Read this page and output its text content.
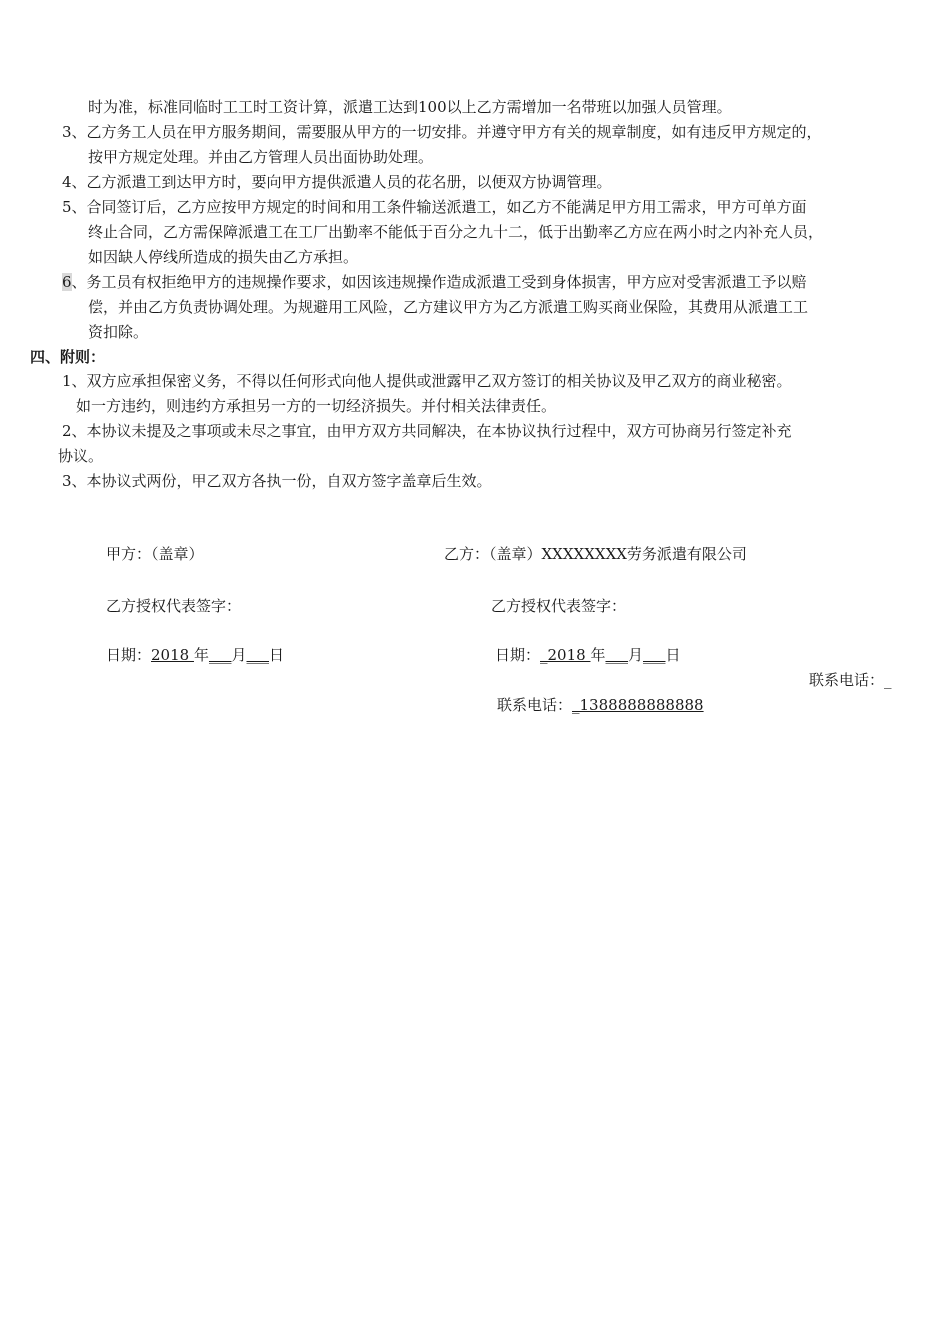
时为准，标准同临时工工时工资计算，派遣工达到100以上乙方需增加一名带班以加强人员管理。
3、乙方务工人员在甲方服务期间，需要服从甲方的一切安排。并遵守甲方有关的规章制度，如有违反甲方规定的，
按甲方规定处理。并由乙方管理人员出面协助处理。
4、乙方派遣工到达甲方时，要向甲方提供派遣人员的花名册，以便双方协调管理。
5、合同签订后，乙方应按甲方规定的时间和用工条件输送派遣工，如乙方不能满足甲方用工需求，甲方可单方面
终止合同，乙方需保障派遣工在工厂出勤率不能低于百分之九十二，低于出勤率乙方应在两小时之内补充人员，
如因缺人停线所造成的损失由乙方承担。
6、务工员有权拒绝甲方的违规操作要求，如因该违规操作造成派遣工受到身体损害，甲方应对受害派遣工予以赔
偿，并由乙方负责协调处理。为规避用工风险，乙方建议甲方为乙方派遣工购买商业保险，其费用从派遣工工
资扣除。
四、附则：
1、双方应承担保密义务，不得以任何形式向他人提供或泄露甲乙双方签订的相关协议及甲乙双方的商业秘密。
如一方违约，则违约方承担另一方的一切经济损失。并付相关法律责任。
2、本协议未提及之事项或未尽之事宜，由甲方双方共同解决，在本协议执行过程中，双方可协商另行签定补充
协议。
3、本协议式两份，甲乙双方各执一份，自双方签字盖章后生效。
甲方：（盖章）	乙方：（盖章）XXXXXXXX劳务派遣有限公司
乙方授权代表签字：	乙方授权代表签字：
日期：2018 年___月___日	日期：_2018 年___月___日
联系电话：_
联系电话：_1388888888888
